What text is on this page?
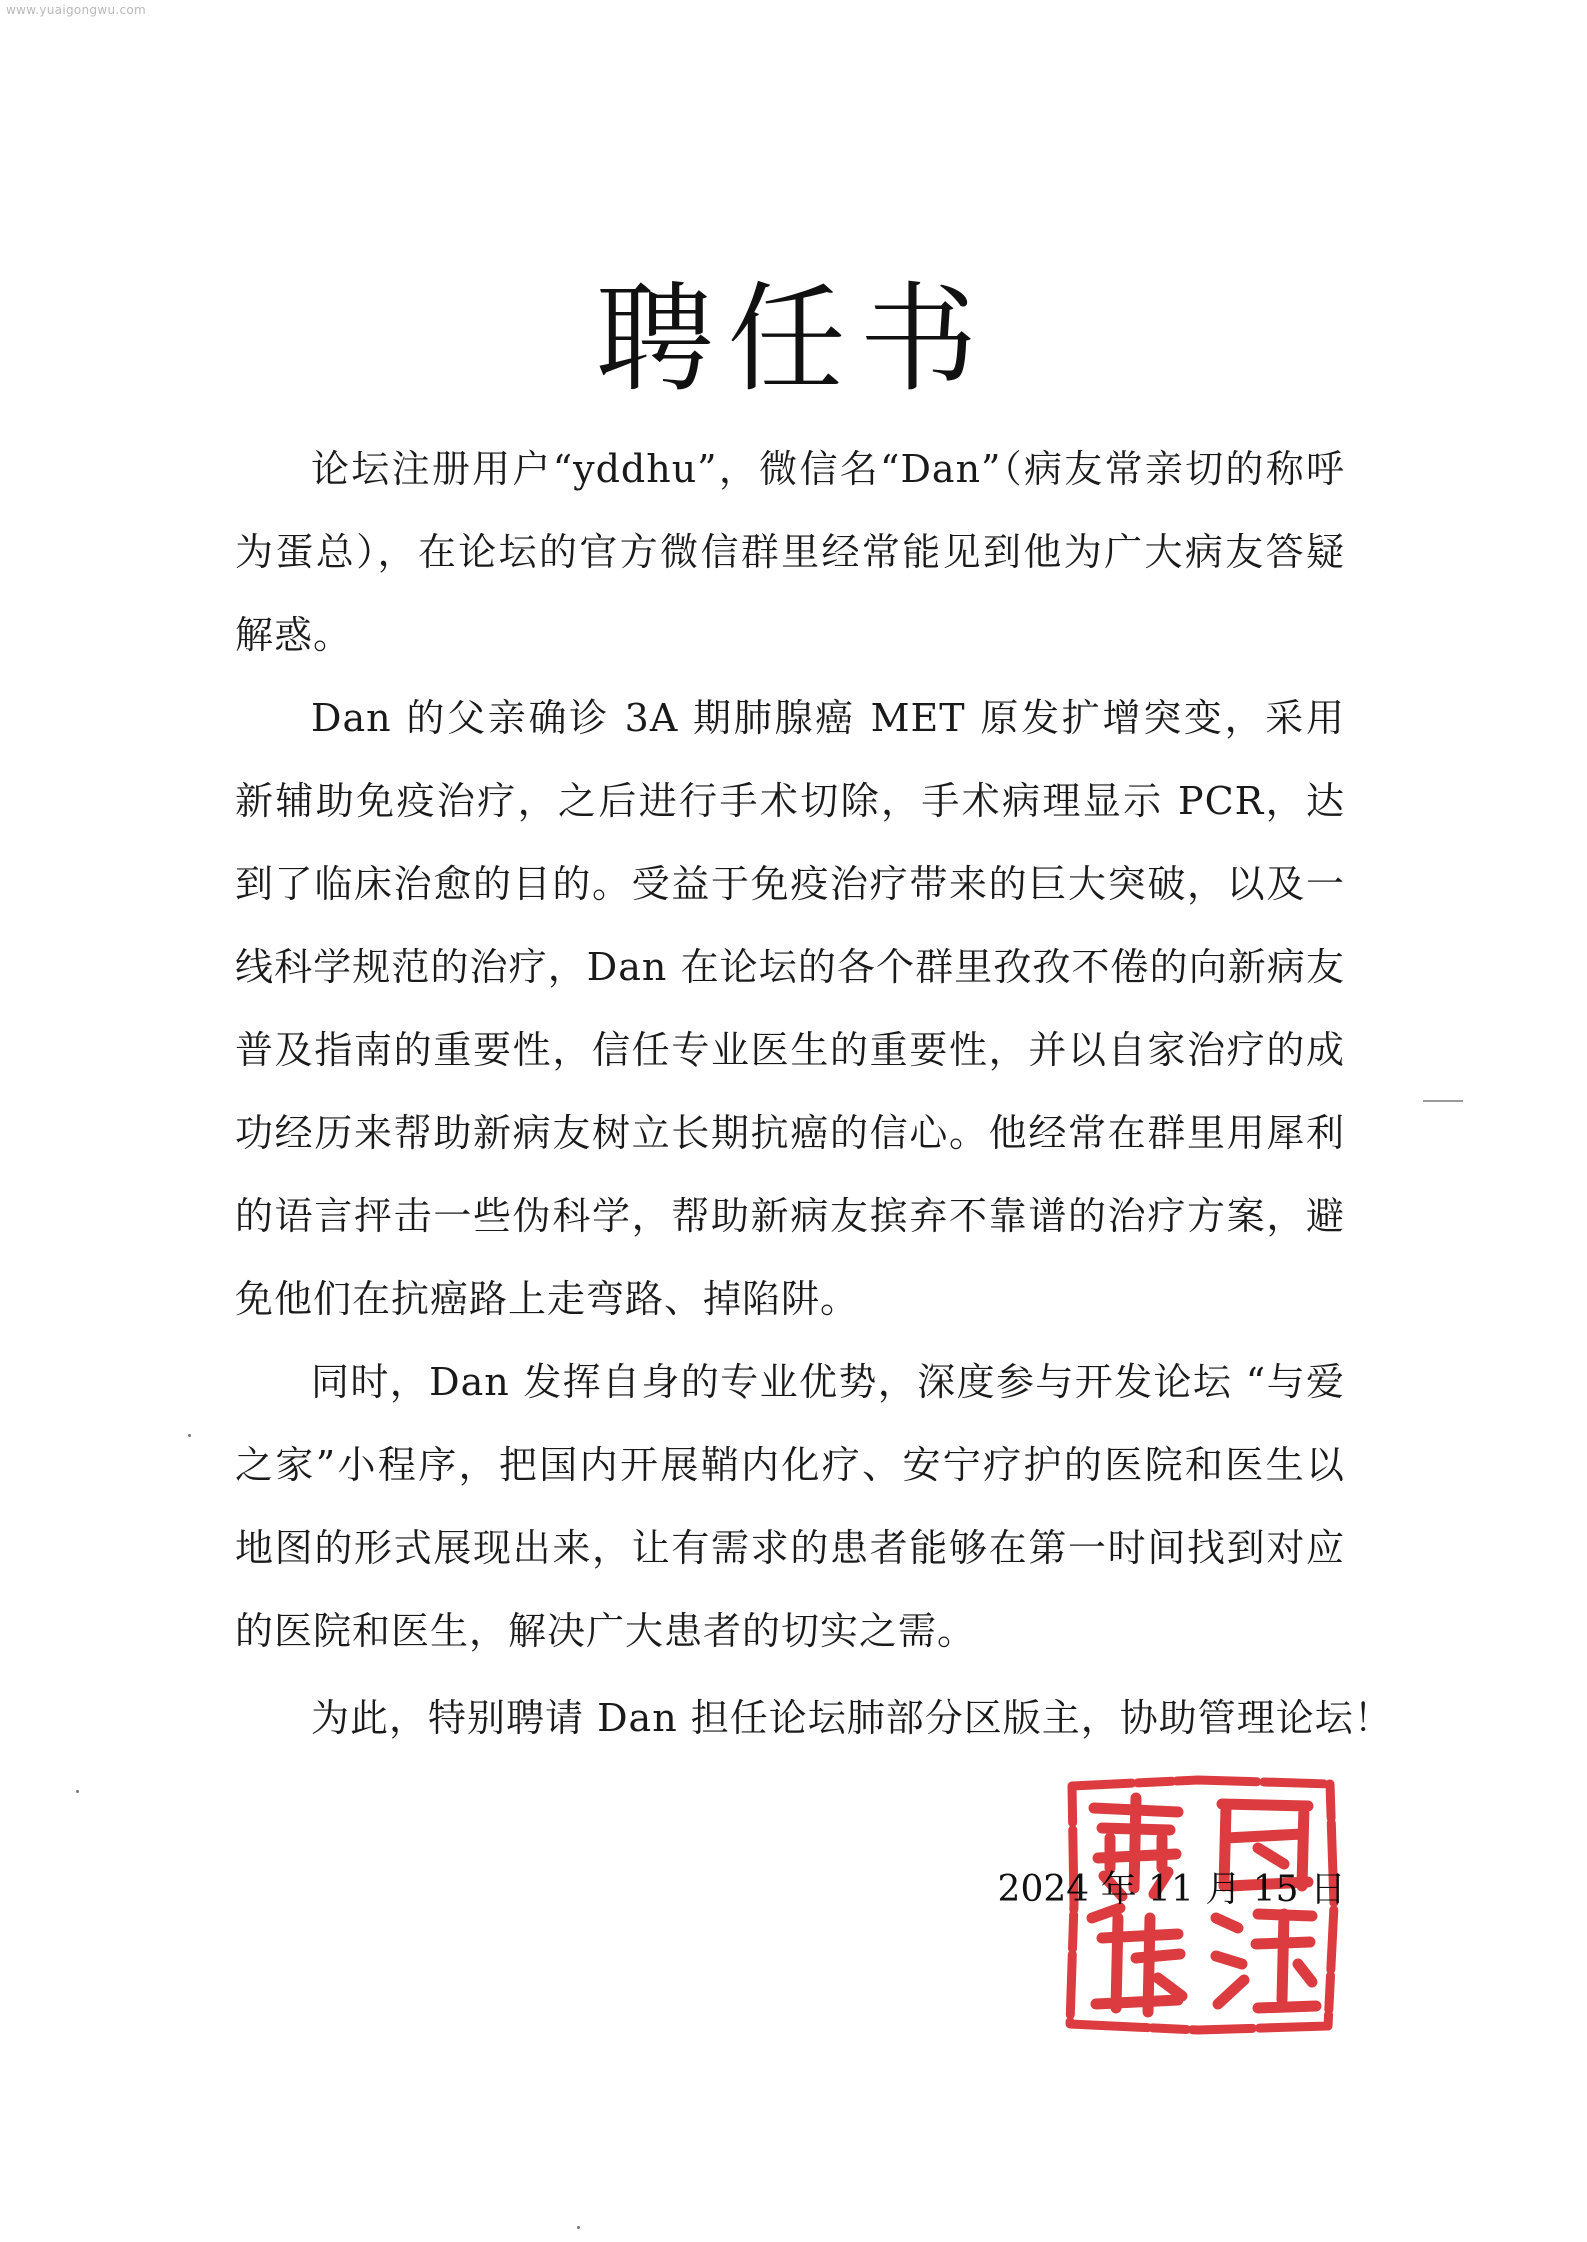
www.yuaigongwu.com
聘任书

论坛注册用户“yddhu”，微信名“Dan”（病友常亲切的称呼为蛋总），在论坛的官方微信群里经常能见到他为广大病友答疑解惑。

Dan 的父亲确诊 3A 期肺腺癌 MET 原发扩增突变，采用新辅助免疫治疗，之后进行手术切除，手术病理显示 PCR，达到了临床治愈的目的。受益于免疫治疗带来的巨大突破，以及一线科学规范的治疗，Dan 在论坛的各个群里孜孜不倦的向新病友普及指南的重要性，信任专业医生的重要性，并以自家治疗的成功经历来帮助新病友树立长期抗癌的信心。他经常在群里用犀利的语言抨击一些伪科学，帮助新病友摈弃不靠谱的治疗方案，避免他们在抗癌路上走弯路、掉陷阱。

同时，Dan 发挥自身的专业优势，深度参与开发论坛 “与爱之家”小程序，把国内开展鞘内化疗、安宁疗护的医院和医生以地图的形式展现出来，让有需求的患者能够在第一时间找到对应的医院和医生，解决广大患者的切实之需。

为此，特别聘请 Dan 担任论坛肺部分区版主，协助管理论坛！
2024 年 11 月 15 日
